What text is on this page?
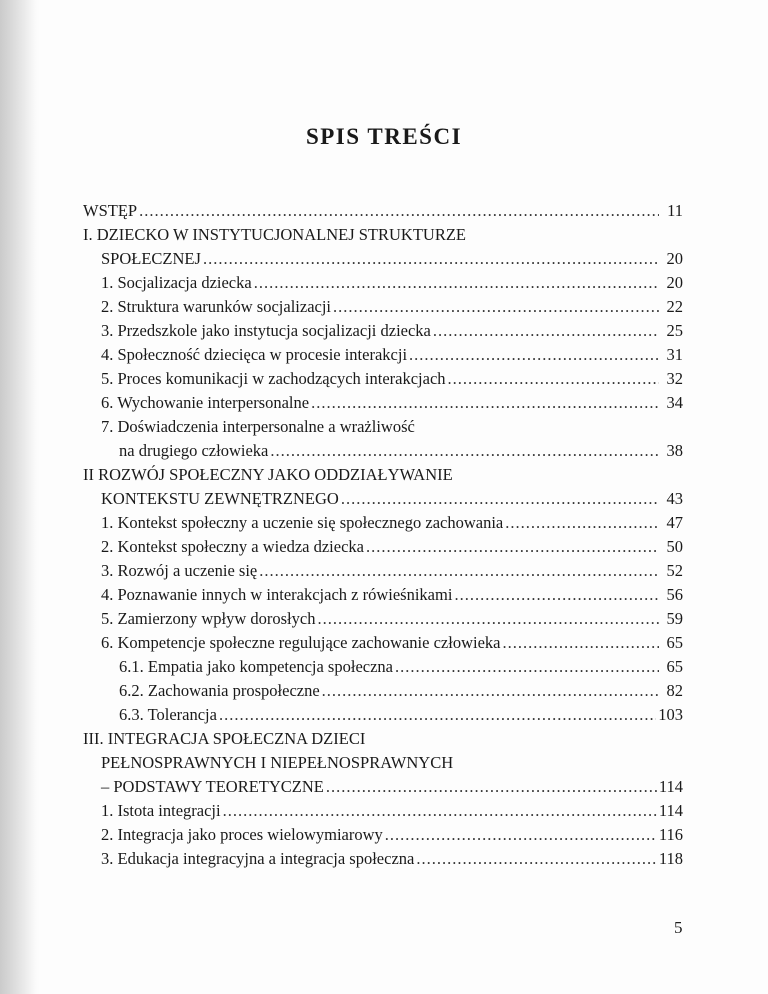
SPIS TREŚCI
WSTĘP .....	11
I. DZIECKO W INSTYTUCJONALNEJ STRUKTURZE
SPOŁECZNEJ .....	20
1. Socjalizacja dziecka .....	20
2. Struktura warunków socjalizacji .....	22
3. Przedszkole jako instytucja socjalizacji dziecka .....	25
4. Społeczność dziecięca w procesie interakcji .....	31
5. Proces komunikacji w zachodzących interakcjach .....	32
6. Wychowanie interpersonalne .....	34
7. Doświadczenia interpersonalne a wrażliwość
na drugiego człowieka .....	38
II ROZWÓJ SPOŁECZNY JAKO ODDZIAŁYWANIE
KONTEKSTU ZEWNĘTRZNEGO .....	43
1. Kontekst społeczny a uczenie się społecznego zachowania .....	47
2. Kontekst społeczny a wiedza dziecka .....	50
3. Rozwój a uczenie się .....	52
4. Poznawanie innych w interakcjach z rówieśnikami .....	56
5. Zamierzony wpływ dorosłych .....	59
6. Kompetencje społeczne regulujące zachowanie człowieka .....	65
6.1. Empatia jako kompetencja społeczna .....	65
6.2. Zachowania prospołeczne .....	82
6.3. Tolerancja .....	103
III. INTEGRACJA SPOŁECZNA DZIECI
PEŁNOSPRAWNYCH I NIEPEŁNOSPRAWNYCH
– PODSTAWY TEORETYCZNE .....	114
1. Istota integracji .....	114
2. Integracja jako proces wielowymiarowy .....	116
3. Edukacja integracyjna a integracja społeczna .....	118
5
